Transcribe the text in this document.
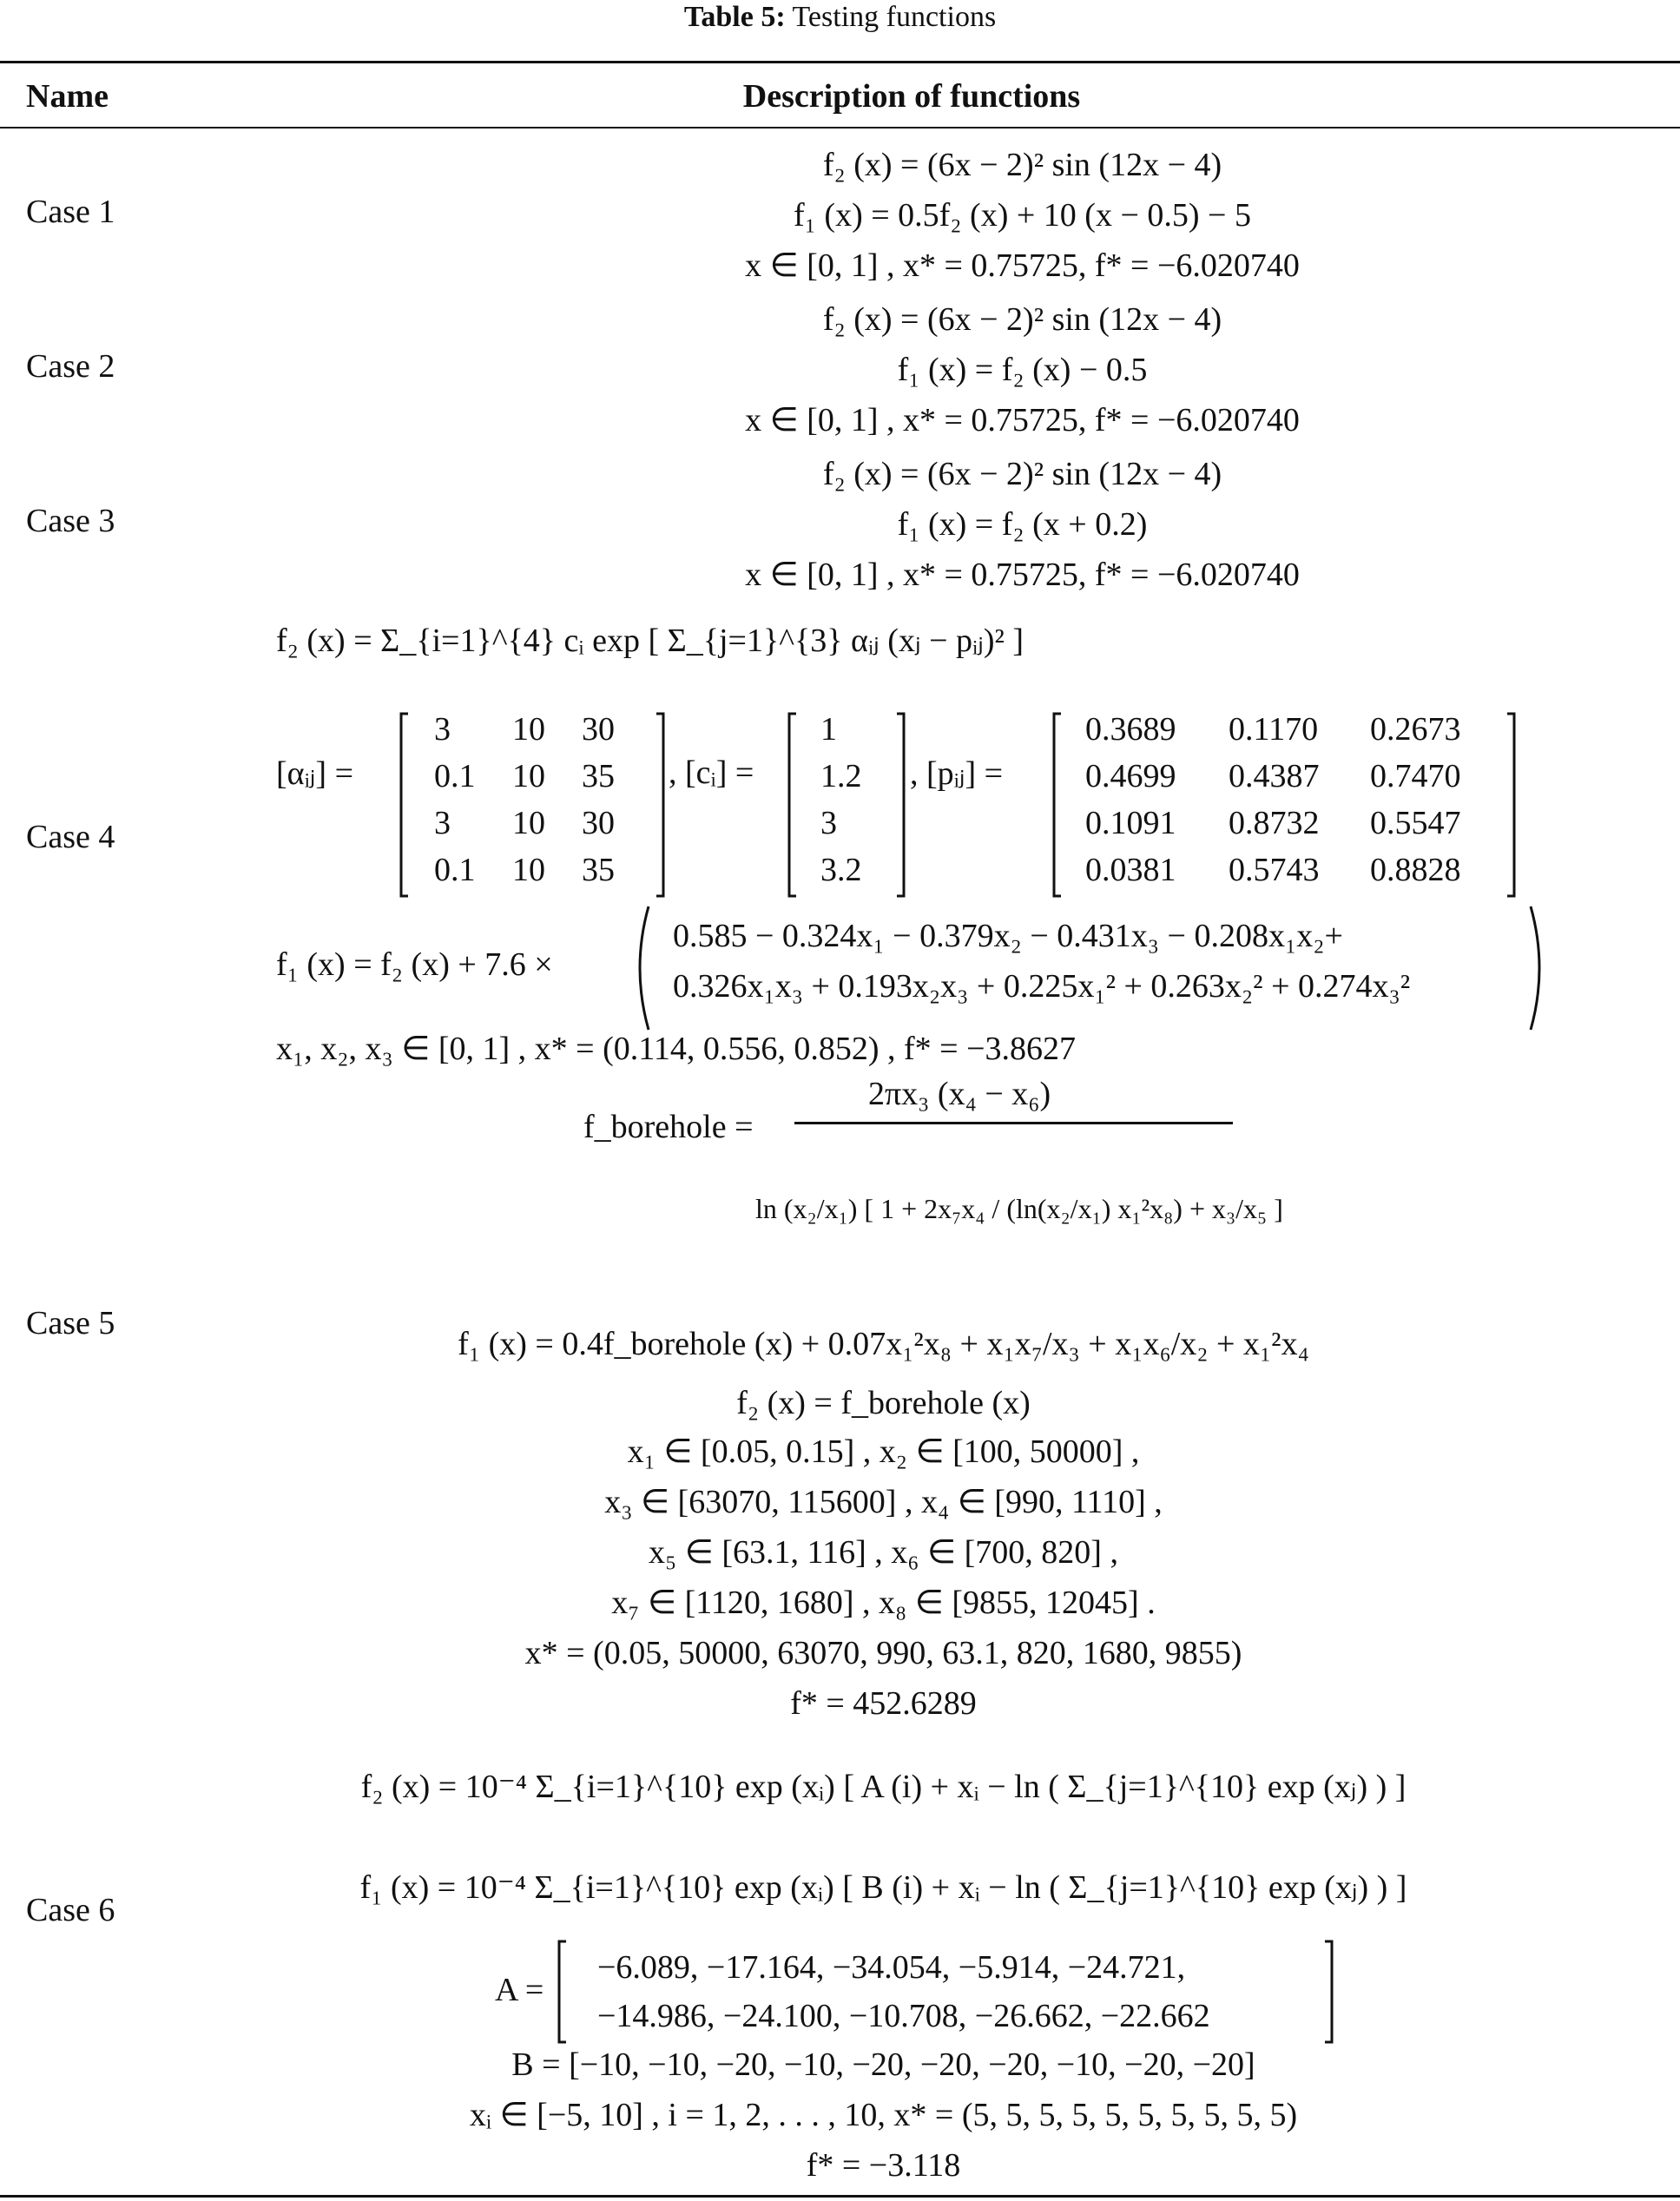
Table 5: Testing functions
Name	Description of functions
Case 1
Case 2
Case 3
Case 4
Case 5
Case 6
f₂ (x) = (6x − 2)² sin (12x − 4)
f₁ (x) = 0.5f₂ (x) + 10 (x − 0.5) − 5
x ∈ [0, 1] , x* = 0.75725, f* = −6.020740
f₂ (x) = (6x − 2)² sin (12x − 4)
f₁ (x) = f₂ (x) − 0.5
x ∈ [0, 1] , x* = 0.75725, f* = −6.020740
f₂ (x) = (6x − 2)² sin (12x − 4)
f₁ (x) = f₂ (x + 0.2)
x ∈ [0, 1] , x* = 0.75725, f* = −6.020740
f₂ (x) = Σ_{i=1}^{4} cᵢ exp [ Σ_{j=1}^{3} αᵢⱼ (xⱼ − pᵢⱼ)² ]
[αᵢⱼ] =
3 10 30
0.1 10 35
3 10 30
0.1 10 35
, [cᵢ] =
1
1.2
3
3.2
, [pᵢⱼ] =
0.3689 0.1170 0.2673
0.4699 0.4387 0.7470
0.1091 0.8732 0.5547
0.0381 0.5743 0.8828
f₁ (x) = f₂ (x) + 7.6 ×
0.585 − 0.324x₁ − 0.379x₂ − 0.431x₃ − 0.208x₁x₂+
0.326x₁x₃ + 0.193x₂x₃ + 0.225x₁² + 0.263x₂² + 0.274x₃²
x₁, x₂, x₃ ∈ [0, 1] , x* = (0.114, 0.556, 0.852) , f* = −3.8627
f_borehole =
2πx₃ (x₄ − x₆)
ln (x₂/x₁) [ 1 + 2x₇x₄ / (ln(x₂/x₁) x₁²x₈) + x₃/x₅ ]
f₁ (x) = 0.4f_borehole (x) + 0.07x₁²x₈ + x₁x₇/x₃ + x₁x₆/x₂ + x₁²x₄
f₂ (x) = f_borehole (x)
x₁ ∈ [0.05, 0.15] , x₂ ∈ [100, 50000] ,
x₃ ∈ [63070, 115600] , x₄ ∈ [990, 1110] ,
x₅ ∈ [63.1, 116] , x₆ ∈ [700, 820] ,
x₇ ∈ [1120, 1680] , x₈ ∈ [9855, 12045] .
x* = (0.05, 50000, 63070, 990, 63.1, 820, 1680, 9855)
f* = 452.6289
f₂ (x) = 10⁻⁴ Σ_{i=1}^{10} exp (xᵢ) [ A (i) + xᵢ − ln ( Σ_{j=1}^{10} exp (xⱼ) ) ]
f₁ (x) = 10⁻⁴ Σ_{i=1}^{10} exp (xᵢ) [ B (i) + xᵢ − ln ( Σ_{j=1}^{10} exp (xⱼ) ) ]
A =
−6.089, −17.164, −34.054, −5.914, −24.721,
−14.986, −24.100, −10.708, −26.662, −22.662
B = [−10, −10, −20, −10, −20, −20, −20, −10, −20, −20]
xᵢ ∈ [−5, 10] , i = 1, 2, . . . , 10, x* = (5, 5, 5, 5, 5, 5, 5, 5, 5, 5)
f* = −3.118
